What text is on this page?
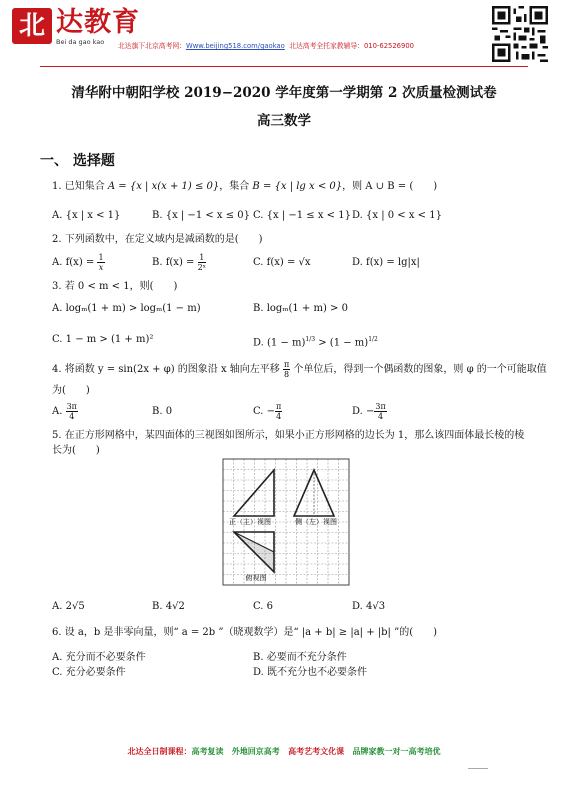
北 达教育
Bei da gao kao 北达旗下北京高考网：Www.beijing518.com/gaokao 北达高考全托家教辅导：010-62526900
清华附中朝阳学校 2019−2020 学年度第一学期第 2 次质量检测试卷
高三数学
一、 选择题
1. 已知集合 A = {x | x(x + 1) ≤ 0}，集合 B = {x | lg x < 0}，则 A ∪ B = (　　)
A. {x | x < 1}	B. {x | −1 < x ≤ 0} C. {x | −1 ≤ x < 1} D. {x | 0 < x < 1}
2. 下列函数中，在定义域内是减函数的是(　　)
A. $f(x) = \frac{1}{x}$	B. $f(x) = \frac{1}{\text{2ˣ}}$	C. f(x) = √x	D. f(x) = lg|x|
3. 若 0 < m < 1，则(　　)
A. logₘ(1 + m) > logₘ(1 − m)	B. logₘ(1 + m) > 0
C. 1 − m > (1 + m)²	D. $(1 - m)^{1/3} > (1 - m)^{1/2}$
4. 将函数 y = sin(2x + φ) 的图象沿 x 轴向左平移 $\frac{\pi}{8}$ 个单位后，得到一个偶函数的图象，则 φ 的一个可能取值
为(　　)
A. $\frac{3\pi}{4}$	B. 0	C. − $\frac{\pi}{4}$	D. − $\frac{3\pi}{4}$
5. 在正方形网格中，某四面体的三视图如图所示，如果小正方形网格的边长为 1，那么该四面体最长棱的棱
长为(　　)
正（主）视图	侧（左）视图
俯视图
A. 2√5	B. 4√2	C. 6	D. 4√3
6. 设 a，b 是非零向量，则“ a = 2b ”（晓观数学）是“ |a + b| ≥ |a| + |b| ”的(　　)
A. 充分而不必要条件	B. 必要而不充分条件
C. 充分必要条件	D. 既不充分也不必要条件
北达全日制课程：高考复读 外地回京高考 高考艺考文化课 品牌家教一对一高考培优
